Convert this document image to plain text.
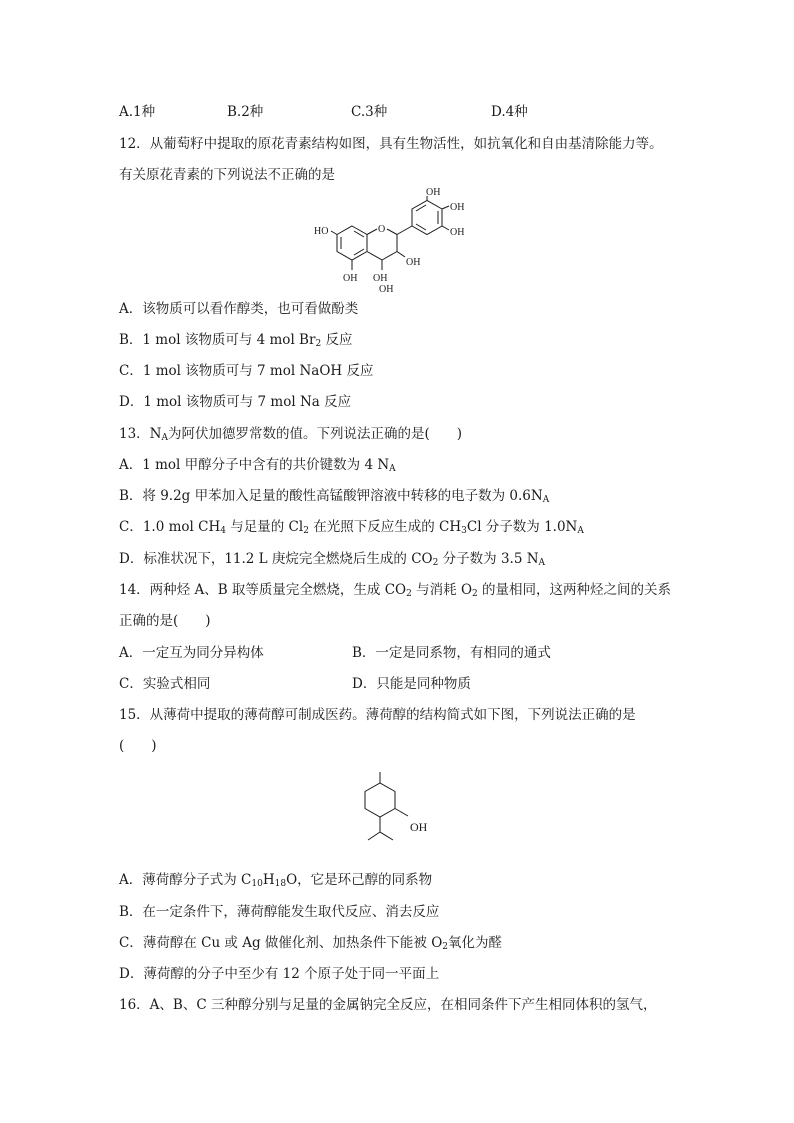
A.1种	B.2种	C.3种	D.4种
12．从葡萄籽中提取的原花青素结构如图，具有生物活性，如抗氧化和自由基清除能力等。
有关原花青素的下列说法不正确的是
OH
OH
OH
HO	O
OH
OH OH
OH
A．该物质可以看作醇类，也可看做酚类
B．1 mol 该物质可与 4 mol $Br_2$ 反应
C．1 mol 该物质可与 7 mol NaOH 反应
D．1 mol 该物质可与 7 mol Na 反应
13．$N_A$为阿伏加德罗常数的值。下列说法正确的是(　　)
A．1 mol 甲醇分子中含有的共价键数为 4 $N_A$
B．将 9.2g 甲苯加入足量的酸性高锰酸钾溶液中转移的电子数为 $0.6N_A$
C．1.0 mol $CH_4$ 与足量的 $Cl_2$ 在光照下反应生成的 $CH_3Cl$ 分子数为 $1.0N_A$
D．标准状况下，11.2 L 庚烷完全燃烧后生成的 $CO_2$ 分子数为 3.5 $N_A$
14．两种烃 A、B 取等质量完全燃烧，生成 $CO_2$ 与消耗 $O_2$ 的量相同，这两种烃之间的关系
正确的是(　　)
A．一定互为同分异构体	B．一定是同系物，有相同的通式
C．实验式相同	D．只能是同种物质
15．从薄荷中提取的薄荷醇可制成医药。薄荷醇的结构简式如下图，下列说法正确的是
(　　)
OH
A．薄荷醇分子式为 $C_{10}H_{18}O$，它是环己醇的同系物
B．在一定条件下，薄荷醇能发生取代反应、消去反应
C．薄荷醇在 Cu 或 Ag 做催化剂、加热条件下能被 $O_2$氧化为醛
D．薄荷醇的分子中至少有 12 个原子处于同一平面上
16．A、B、C 三种醇分别与足量的金属钠完全反应，在相同条件下产生相同体积的氢气，
